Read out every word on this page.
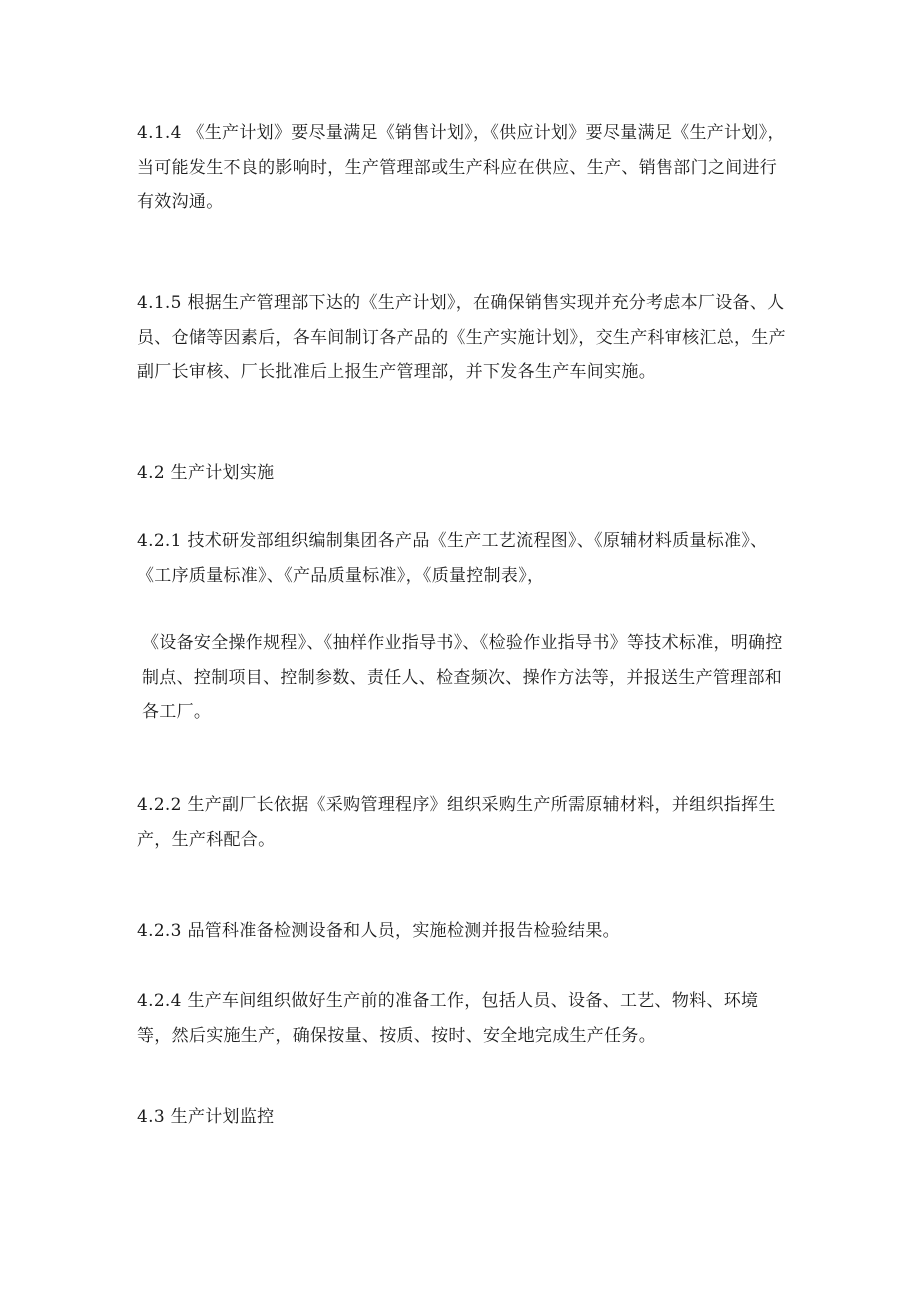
4.1.4 《生产计划》要尽量满足《销售计划》，《供应计划》要尽量满足《生产计划》，当可能发生不良的影响时，生产管理部或生产科应在供应、生产、销售部门之间进行有效沟通。

4.1.5 根据生产管理部下达的《生产计划》，在确保销售实现并充分考虑本厂设备、人员、仓储等因素后，各车间制订各产品的《生产实施计划》，交生产科审核汇总，生产副厂长审核、厂长批准后上报生产管理部，并下发各生产车间实施。

4.2 生产计划实施

4.2.1 技术研发部组织编制集团各产品《生产工艺流程图》、《原辅材料质量标准》、《工序质量标准》、《产品质量标准》，《质量控制表》，

《设备安全操作规程》、《抽样作业指导书》、《检验作业指导书》等技术标准，明确控制点、控制项目、控制参数、责任人、检查频次、操作方法等，并报送生产管理部和各工厂。

4.2.2 生产副厂长依据《采购管理程序》组织采购生产所需原辅材料，并组织指挥生产，生产科配合。

4.2.3 品管科准备检测设备和人员，实施检测并报告检验结果。

4.2.4 生产车间组织做好生产前的准备工作，包括人员、设备、工艺、物料、环境等，然后实施生产，确保按量、按质、按时、安全地完成生产任务。

4.3 生产计划监控
